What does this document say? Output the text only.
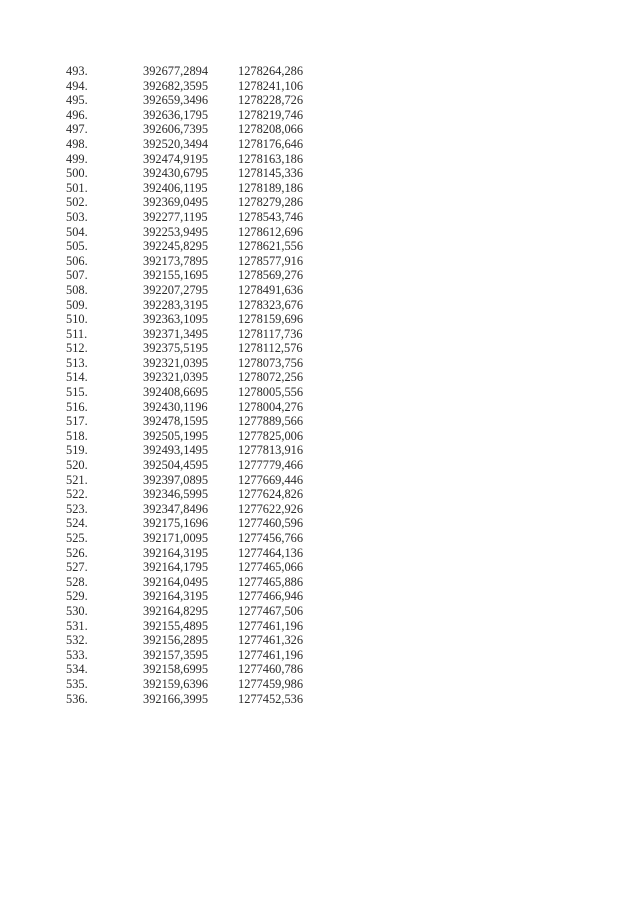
493.	392677,2894	1278264,286
494.	392682,3595	1278241,106
495.	392659,3496	1278228,726
496.	392636,1795	1278219,746
497.	392606,7395	1278208,066
498.	392520,3494	1278176,646
499.	392474,9195	1278163,186
500.	392430,6795	1278145,336
501.	392406,1195	1278189,186
502.	392369,0495	1278279,286
503.	392277,1195	1278543,746
504.	392253,9495	1278612,696
505.	392245,8295	1278621,556
506.	392173,7895	1278577,916
507.	392155,1695	1278569,276
508.	392207,2795	1278491,636
509.	392283,3195	1278323,676
510.	392363,1095	1278159,696
511.	392371,3495	1278117,736
512.	392375,5195	1278112,576
513.	392321,0395	1278073,756
514.	392321,0395	1278072,256
515.	392408,6695	1278005,556
516.	392430,1196	1278004,276
517.	392478,1595	1277889,566
518.	392505,1995	1277825,006
519.	392493,1495	1277813,916
520.	392504,4595	1277779,466
521.	392397,0895	1277669,446
522.	392346,5995	1277624,826
523.	392347,8496	1277622,926
524.	392175,1696	1277460,596
525.	392171,0095	1277456,766
526.	392164,3195	1277464,136
527.	392164,1795	1277465,066
528.	392164,0495	1277465,886
529.	392164,3195	1277466,946
530.	392164,8295	1277467,506
531.	392155,4895	1277461,196
532.	392156,2895	1277461,326
533.	392157,3595	1277461,196
534.	392158,6995	1277460,786
535.	392159,6396	1277459,986
536.	392166,3995	1277452,536
